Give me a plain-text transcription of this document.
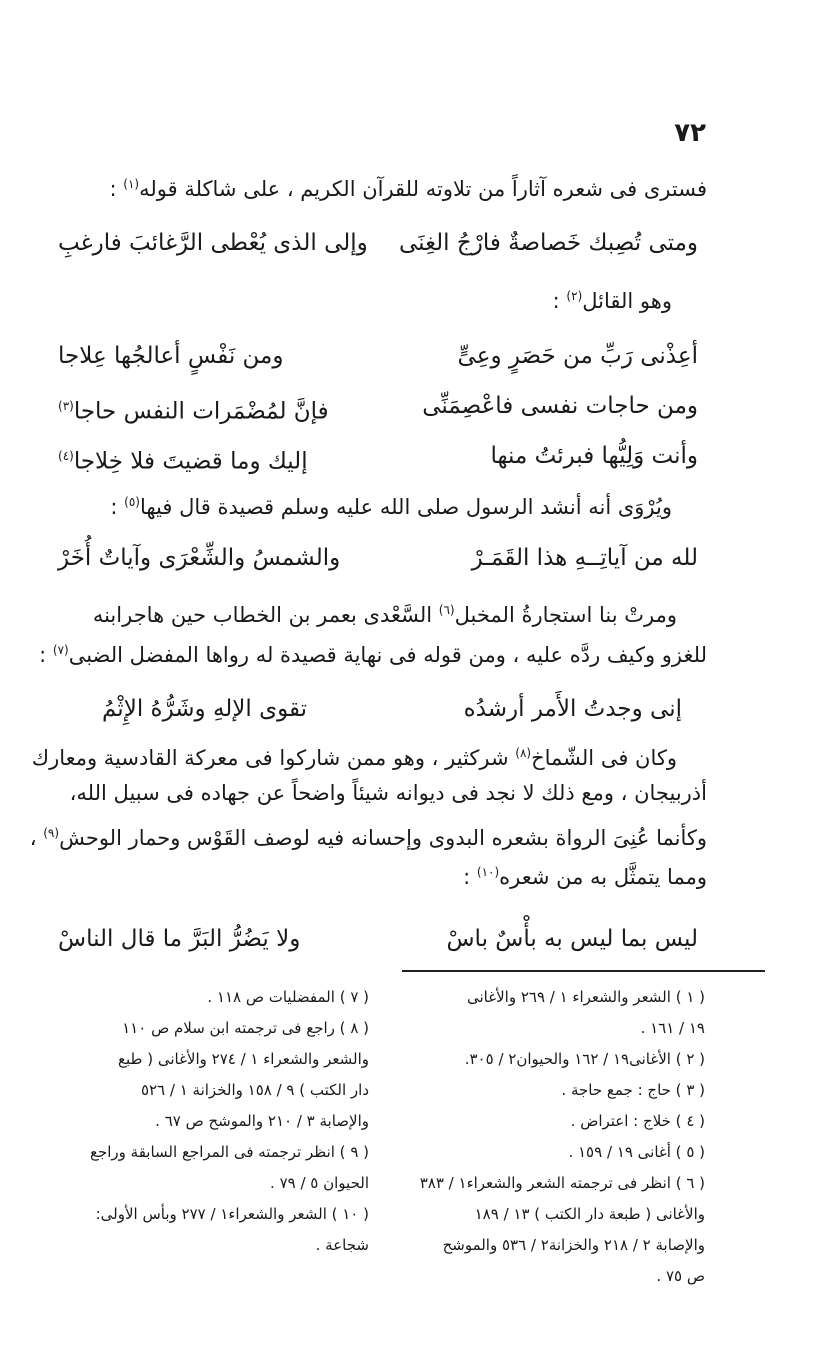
٧٢
فسترى فى شعره آثاراً من تلاوته للقرآن الكريم ، على شاكلة قوله$^{(١)}$ :
ومتى تُصِبك خَصاصةٌ فارْجُ الغِنَى
وإلى الذى يُعْطى الرَّغائبَ فارغبِ
وهو القائل$^{(٢)}$ :
أعِذْنى رَبِّ من حَصَرٍ وعِىٍّ
ومن نَفْسٍ أعالجُها عِلاجا
ومن حاجات نفسى فاعْصِمَنِّى
فإنَّ لمُضْمَرات النفس حاجا$^{(٣)}$
وأنت وَلِيُّها فبرئتُ منها
إليك وما قضيتَ فلا خِلاجا$^{(٤)}$
ويُرْوَى أنه أنشد الرسول صلى الله عليه وسلم قصيدة قال فيها$^{(٥)}$ :
لله من آياتِــهِ هذا القَمَـرْ
والشمسُ والشِّعْرَى وآياتٌ أُخَرْ
ومرتْ بنا استجارةُ المخبل$^{(٦)}$ السَّعْدى بعمر بن الخطاب حين هاجرابنه
للغزو وكيف ردَّه عليه ، ومن قوله فى نهاية قصيدة له رواها المفضل الضبى$^{(٧)}$ :
إنى وجدتُ الأَمر أرشدُه
تقوى الإلهِ وشَرُّهُ الإِثْمُ
وكان فى الشّماخ$^{(٨)}$ شركثير ، وهو ممن شاركوا فى معركة القادسية ومعارك
أذربيجان ، ومع ذلك لا نجد فى ديوانه شيئاً واضحاً عن جهاده فى سبيل الله،
وكأنما عُنِىَ الرواة بشعره البدوى وإحسانه فيه لوصف القَوْس وحمار الوحش$^{(٩)}$ ،
ومما يتمثَّل به من شعره$^{(١٠)}$ :
ليس بما ليس به بأْسٌ باسْ
ولا يَضُرُّ البَرَّ ما قال الناسْ
( ١ ) الشعر والشعراء ١ / ٢٦٩ والأغانى
١٩ / ١٦١ .
( ٢ ) الأغانى١٩ / ١٦٢ والحيوان٢ / ٣٠٥.
( ٣ ) حاج : جمع حاجة .
( ٤ ) خلاج : اعتراض .
( ٥ ) أغانى ١٩ / ١٥٩ .
( ٦ ) انظر فى ترجمته الشعر والشعراء١ / ٣٨٣
والأغانى ( طبعة دار الكتب ) ١٣ / ١٨٩
والإصابة ٢ / ٢١٨ والخزانة٢ / ٥٣٦ والموشح
ص ٧٥ .
( ٧ ) المفضليات ص ١١٨ .
( ٨ ) راجع فى ترجمته ابن سلام ص ١١٠
والشعر والشعراء ١ / ٢٧٤ والأغانى ( طبع
دار الكتب ) ٩ / ١٥٨ والخزانة ١ / ٥٢٦
والإصابة ٣ / ٢١٠ والموشح ص ٦٧ .
( ٩ ) انظر ترجمته فى المراجع السابقة وراجع
الحيوان ٥ / ٧٩ .
( ١٠ ) الشعر والشعراء١ / ٢٧٧ وبأس الأولى:
شجاعة .
